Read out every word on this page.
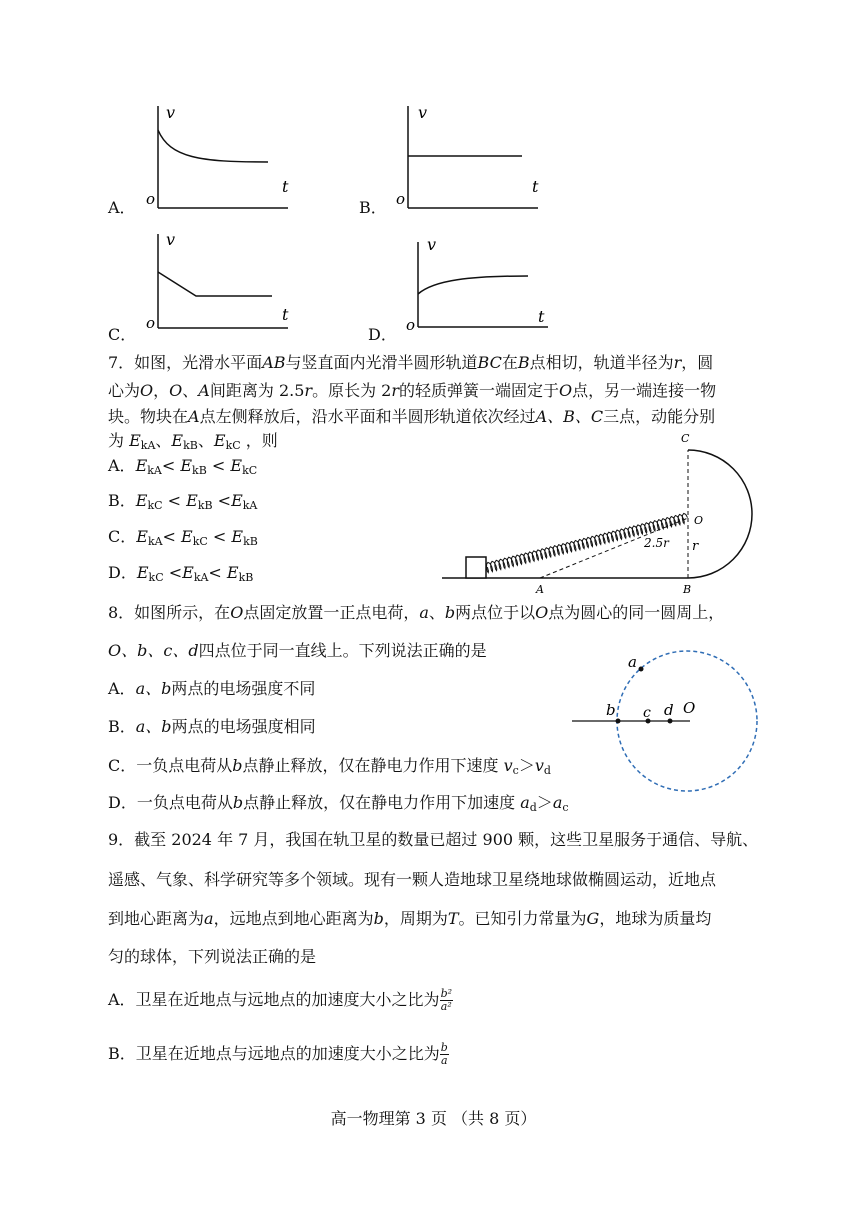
v
t
o
A．
v
t
o
B．
v
t
o
C．
v
t
o
D．
7．如图，光滑水平面AB与竖直面内光滑半圆形轨道BC在B点相切，轨道半径为r，圆
心为O，O、A间距离为 2.5r。原长为 2r的轻质弹簧一端固定于O点，另一端连接一物
块。物块在A点左侧释放后，沿水平面和半圆形轨道依次经过A、B、C三点，动能分别
为 $E_{kA}$、$E_{kB}$、$E_{kC}$ ，则
A．$E_{kA}< E_{kB} < E_{kC}$
B．$E_{kC} < E_{kB} <E_{kA}$
C．$E_{kA}< E_{kC} < E_{kB}$
D．$E_{kC} <E_{kA}< E_{kB}$
C
O
r
2.5r
A	B
8．如图所示，在O点固定放置一正点电荷，a、b两点位于以O点为圆心的同一圆周上，
O、b、c、d四点位于同一直线上。下列说法正确的是
A．a、b两点的电场强度不同
B．a、b两点的电场强度相同
C．一负点电荷从b点静止释放，仅在静电力作用下速度 $v_c>v_d$
D．一负点电荷从b点静止释放，仅在静电力作用下加速度 $a_d>a_c$
a
b c d O
9．截至 2024 年 7 月，我国在轨卫星的数量已超过 900 颗，这些卫星服务于通信、导航、
遥感、气象、科学研究等多个领域。现有一颗人造地球卫星绕地球做椭圆运动，近地点
到地心距离为a，远地点到地心距离为b，周期为T。已知引力常量为G，地球为质量均
匀的球体，下列说法正确的是
A．卫星在近地点与远地点的加速度大小之比为 $\frac{\text{b²}}{\text{a²}}$
B．卫星在近地点与远地点的加速度大小之比为 $\frac{b}{a}$
高一物理第 3 页 （共 8 页）
